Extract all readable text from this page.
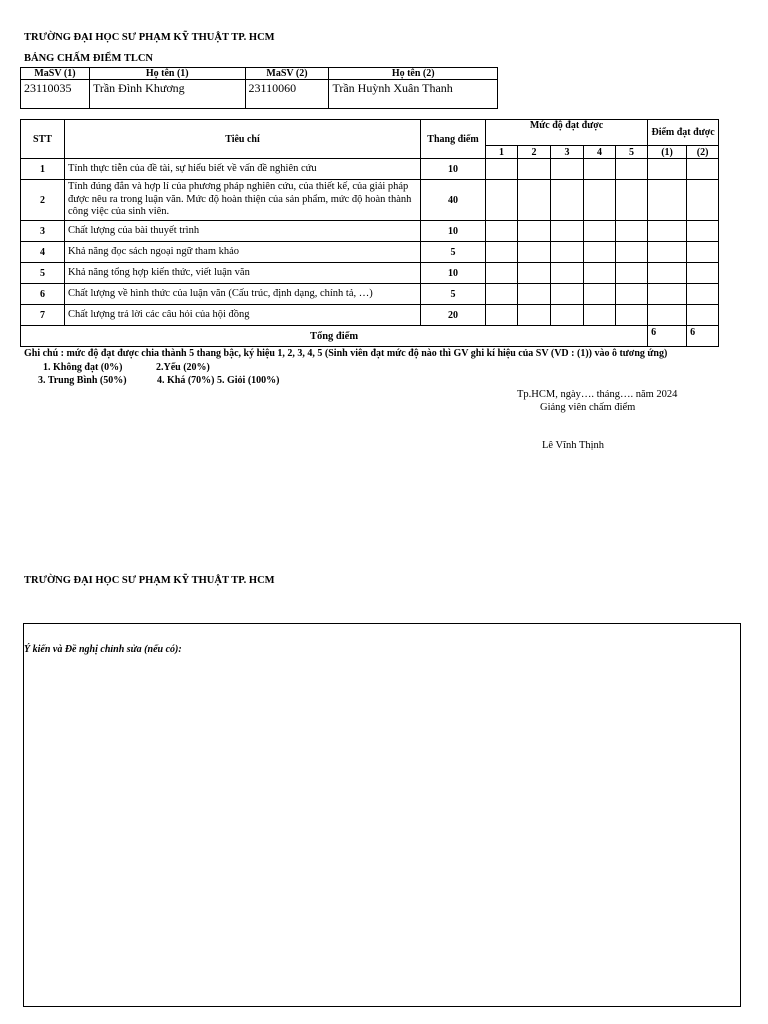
TRƯỜNG ĐẠI HỌC SƯ PHẠM KỸ THUẬT TP. HCM
BẢNG CHẤM ĐIỂM TLCN
MaSV (1)	Họ tên (1)	MaSV (2)	Họ tên (2)
23110035	Trần Đình Khương	23110060	Trần Huỳnh Xuân Thanh
STT	Tiêu chí	Thang điểm	Mức độ đạt được					Điểm đạt được	
			1	2	3	4	5	(1)	(2)
1	Tính thực tiễn của đề tài, sự hiểu biết về vấn đề nghiên cứu	10							
2	Tính đúng đắn và hợp lí của phương pháp nghiên cứu, của thiết kế, của giải pháp được nêu ra trong luận văn. Mức độ hoàn thiện của sản phẩm, mức độ hoàn thành công việc của sinh viên.	40							
3	Chất lượng của bài thuyết trình	10							
4	Khả năng đọc sách ngoại ngữ tham khảo	5							
5	Khả năng tổng hợp kiến thức, viết luận văn	10							
6	Chất lượng về hình thức của luận văn (Cấu trúc, định dạng, chính tả, …)	5							
7	Chất lượng trả lời các câu hỏi của hội đồng	20							
Tổng điểm								6	6
Ghi chú : mức độ đạt được chia thành 5 thang bậc, ký hiệu 1, 2, 3, 4, 5 (Sinh viên đạt mức độ nào thì GV ghi kí hiệu của SV (VD : (1)) vào ô tương ứng)
1. Không đạt (0%)	2.Yếu (20%)
3. Trung Bình (50%)	4. Khá (70%) 5. Giỏi (100%)
Tp.HCM, ngày…. tháng…. năm 2024
Giảng viên chấm điểm
Lê Vĩnh Thịnh
TRƯỜNG ĐẠI HỌC SƯ PHẠM KỸ THUẬT TP. HCM
Ý kiến và Đề nghị chỉnh sửa (nếu có):
